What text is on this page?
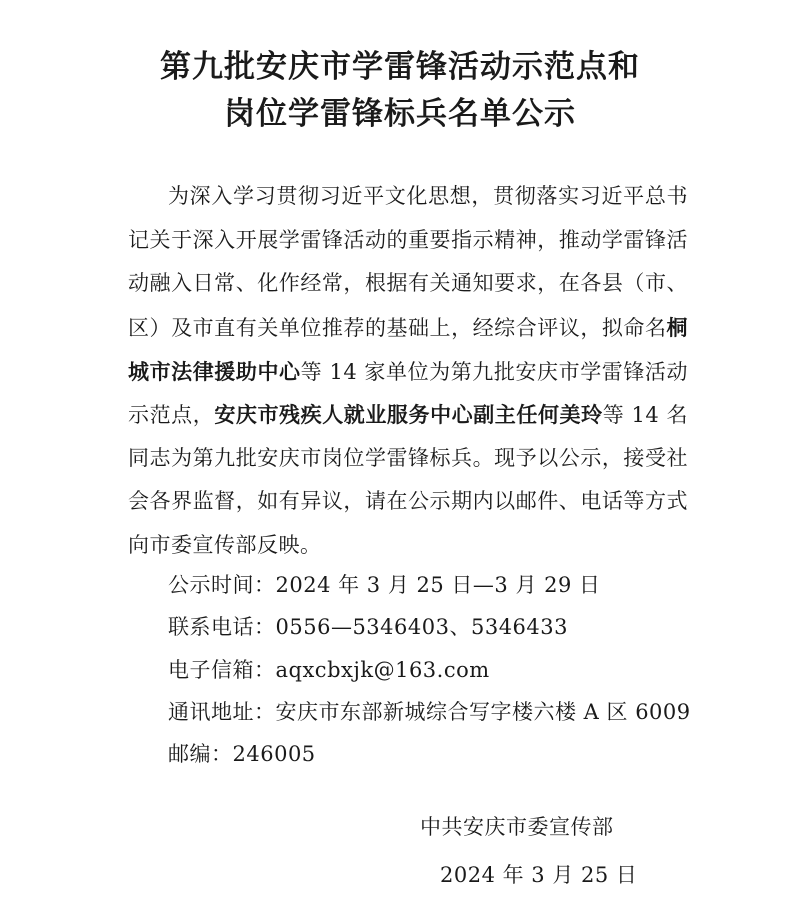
第九批安庆市学雷锋活动示范点和
岗位学雷锋标兵名单公示
为深入学习贯彻习近平文化思想，贯彻落实习近平总书
记关于深入开展学雷锋活动的重要指示精神，推动学雷锋活
动融入日常、化作经常，根据有关通知要求，在各县（市、
区）及市直有关单位推荐的基础上，经综合评议，拟命名桐
城市法律援助中心等 14 家单位为第九批安庆市学雷锋活动
示范点，安庆市残疾人就业服务中心副主任何美玲等 14 名
同志为第九批安庆市岗位学雷锋标兵。现予以公示，接受社
会各界监督，如有异议，请在公示期内以邮件、电话等方式
向市委宣传部反映。
公示时间：2024 年 3 月 25 日—3 月 29 日
联系电话：0556—5346403、5346433
电子信箱：aqxcbxjk@163.com
通讯地址：安庆市东部新城综合写字楼六楼 A 区 6009
邮编：246005
中共安庆市委宣传部
2024 年 3 月 25 日
